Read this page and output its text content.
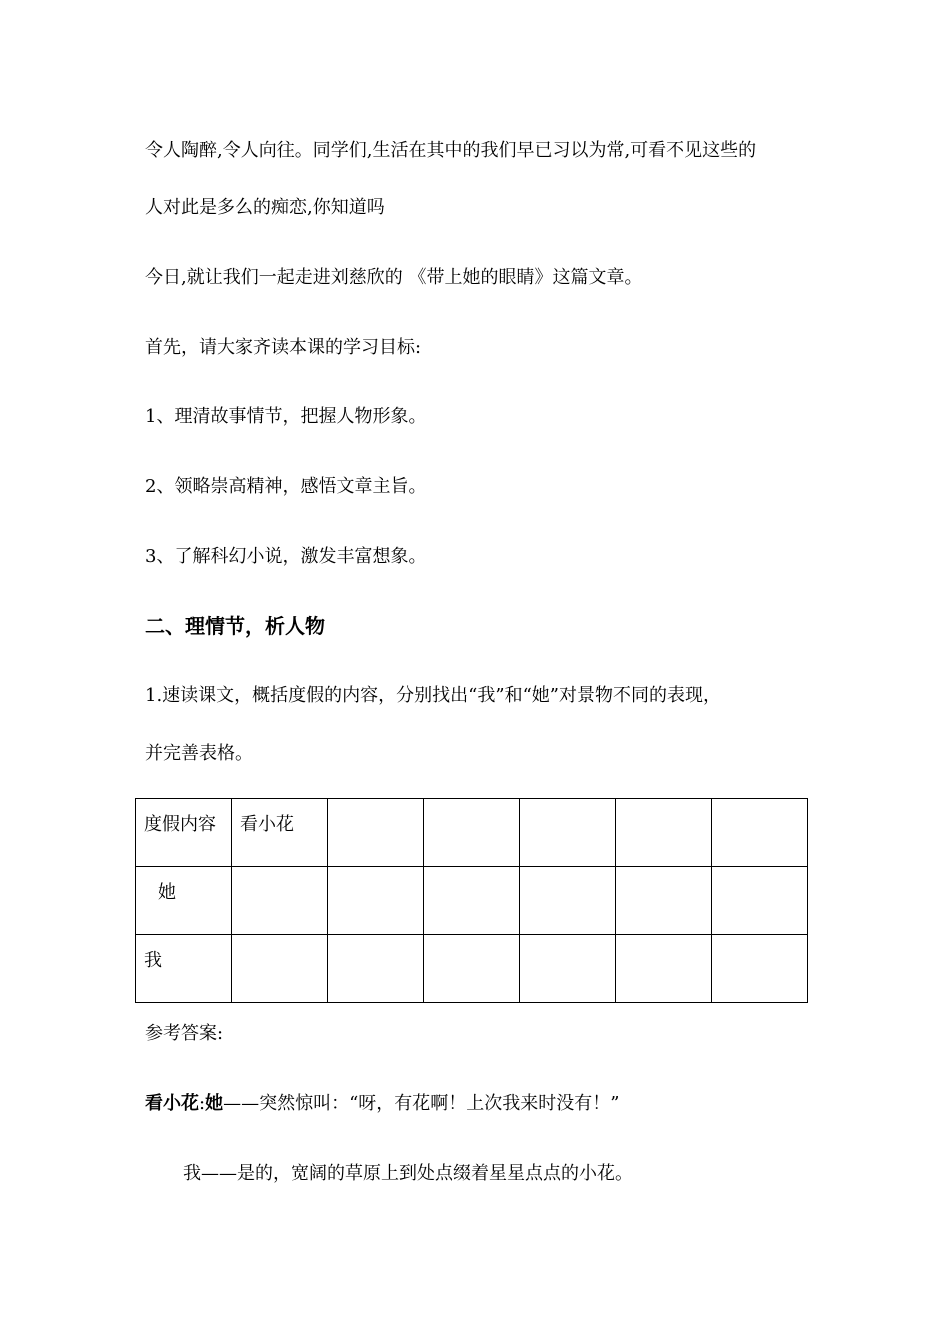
令人陶醉,令人向往。同学们,生活在其中的我们早已习以为常,可看不见这些的
人对此是多么的痴恋,你知道吗
今日,就让我们一起走进刘慈欣的 《带上她的眼睛》这篇文章。
首先，请大家齐读本课的学习目标:
1、理清故事情节，把握人物形象。
2、领略崇高精神，感悟文章主旨。
3、了解科幻小说，激发丰富想象。
二、理情节，析人物
1.速读课文，概括度假的内容，分别找出“我”和“她”对景物不同的表现，
并完善表格。
度假内容	看小花					
她						
我						
参考答案:
看小花:她——突然惊叫：“呀，有花啊！上次我来时没有！”
我——是的，宽阔的草原上到处点缀着星星点点的小花。
